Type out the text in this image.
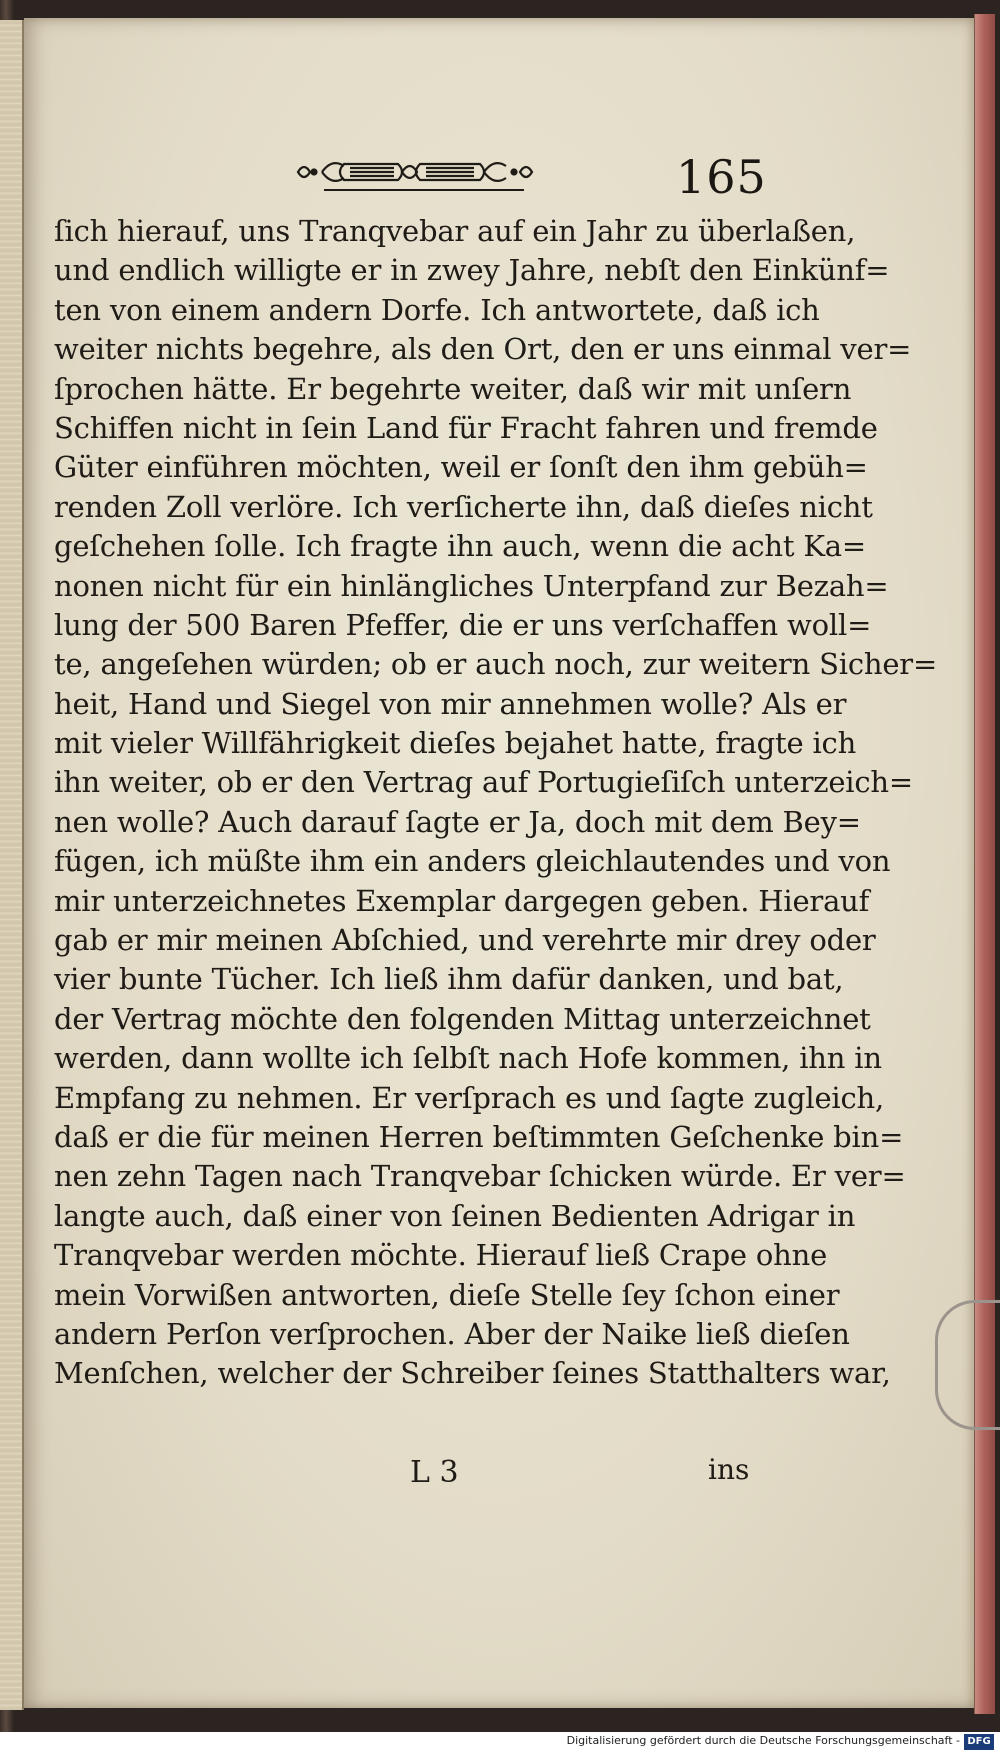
165
ſich hierauf, uns Tranqvebar auf ein Jahr zu überlaßen,
und endlich willigte er in zwey Jahre, nebſt den Einkünf=
ten von einem andern Dorfe. Ich antwortete, daß ich
weiter nichts begehre, als den Ort, den er uns einmal ver=
ſprochen hätte. Er begehrte weiter, daß wir mit unſern
Schiffen nicht in ſein Land für Fracht fahren und fremde
Güter einführen möchten, weil er ſonſt den ihm gebüh=
renden Zoll verlöre. Ich verſicherte ihn, daß dieſes nicht
geſchehen ſolle. Ich fragte ihn auch, wenn die acht Ka=
nonen nicht für ein hinlängliches Unterpfand zur Bezah=
lung der 500 Baren Pfeffer, die er uns verſchaffen woll=
te, angeſehen würden; ob er auch noch, zur weitern Sicher=
heit, Hand und Siegel von mir annehmen wolle? Als er
mit vieler Willfährigkeit dieſes bejahet hatte, fragte ich
ihn weiter, ob er den Vertrag auf Portugieſiſch unterzeich=
nen wolle? Auch darauf ſagte er Ja, doch mit dem Bey=
fügen, ich müßte ihm ein anders gleichlautendes und von
mir unterzeichnetes Exemplar dargegen geben. Hierauf
gab er mir meinen Abſchied, und verehrte mir drey oder
vier bunte Tücher. Ich ließ ihm dafür danken, und bat,
der Vertrag möchte den folgenden Mittag unterzeichnet
werden, dann wollte ich ſelbſt nach Hofe kommen, ihn in
Empfang zu nehmen. Er verſprach es und ſagte zugleich,
daß er die für meinen Herren beſtimmten Geſchenke bin=
nen zehn Tagen nach Tranqvebar ſchicken würde. Er ver=
langte auch, daß einer von ſeinen Bedienten Adrigar in
Tranqvebar werden möchte. Hierauf ließ Crape ohne
mein Vorwißen antworten, dieſe Stelle ſey ſchon einer
andern Perſon verſprochen. Aber der Naike ließ dieſen
Menſchen, welcher der Schreiber ſeines Statthalters war,
L 3	ins
Digitalisierung gefördert durch die Deutsche Forschungsgemeinschaft - DFG
